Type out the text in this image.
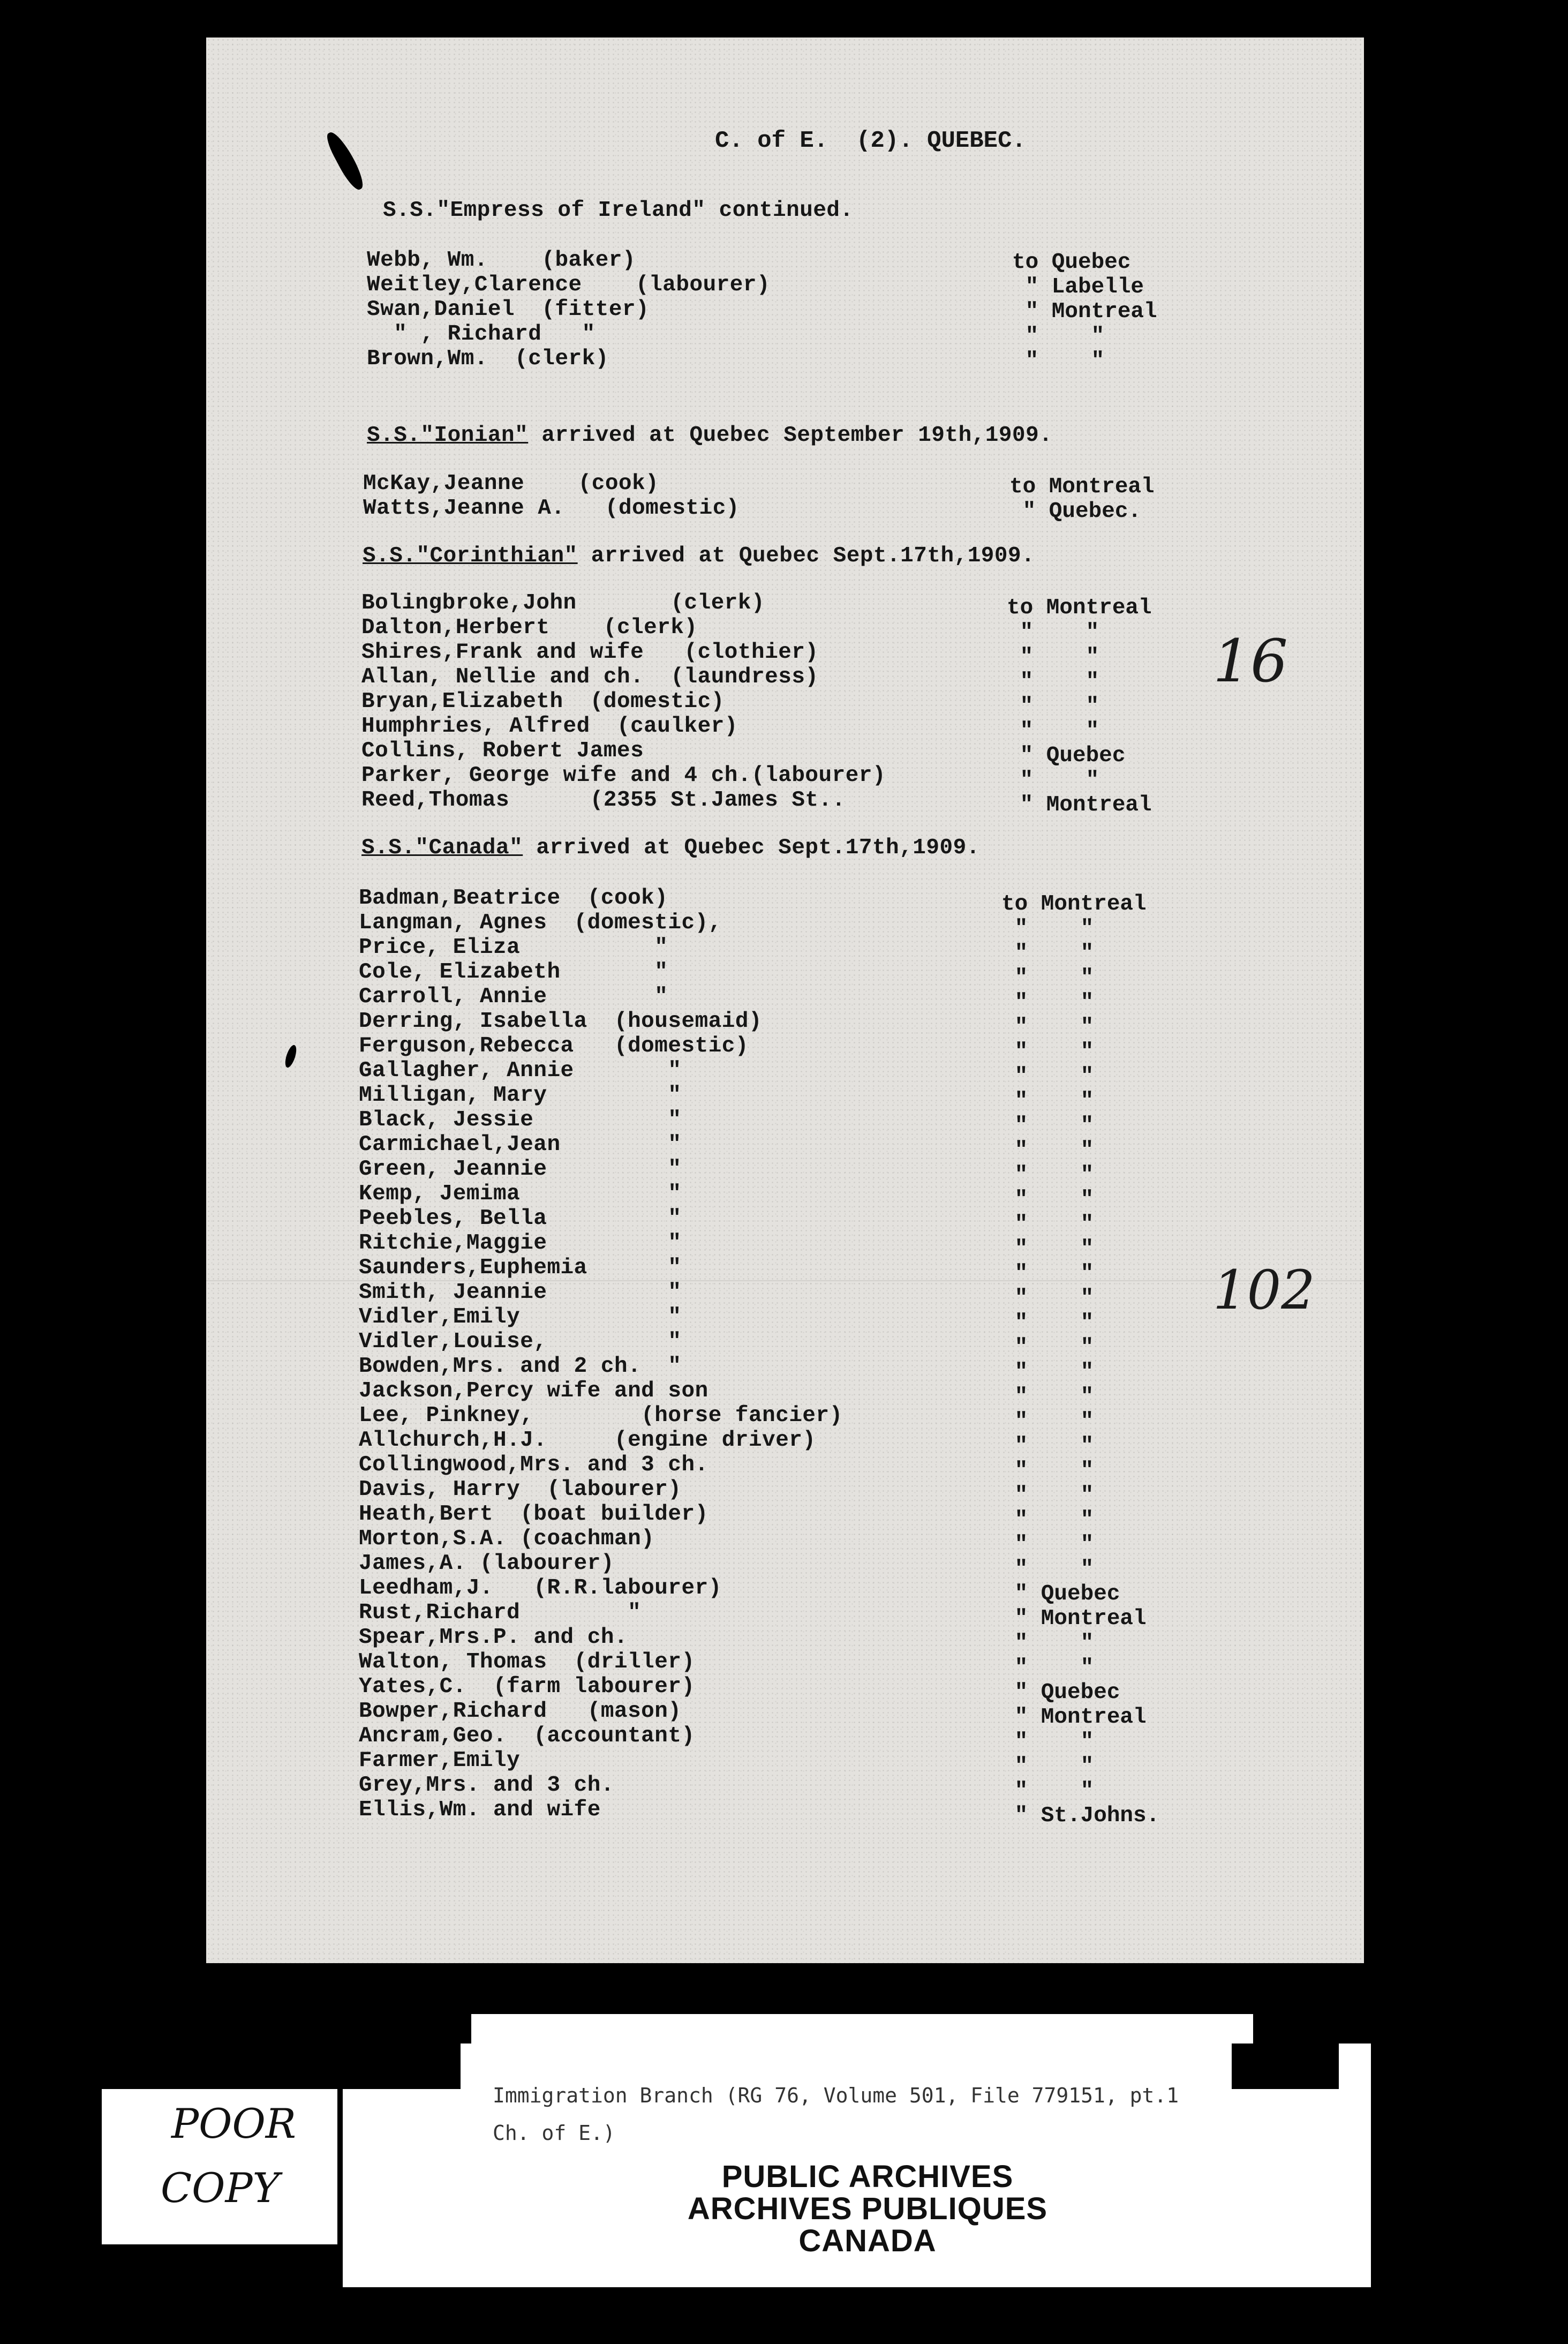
C. of E.  (2). QUEBEC.
S.S."Empress of Ireland" continued.
Webb, Wm.    (baker)
Weitley,Clarence    (labourer)
Swan,Daniel  (fitter)
" , Richard   "
Brown,Wm.  (clerk)
to Quebec
" Labelle
" Montreal
"    "
"    "
S.S."Ionian" arrived at Quebec September 19th,1909.
McKay,Jeanne    (cook)
Watts,Jeanne A.   (domestic)
to Montreal
" Quebec.
S.S."Corinthian" arrived at Quebec Sept.17th,1909.
Bolingbroke,John       (clerk)
Dalton,Herbert    (clerk)
Shires,Frank and wife   (clothier)
Allan, Nellie and ch.  (laundress)
Bryan,Elizabeth  (domestic)
Humphries, Alfred  (caulker)
Collins, Robert James
Parker, George wife and 4 ch.(labourer)
Reed,Thomas      (2355 St.James St..
to Montreal
"    "
"    "
"    "
"    "
"    "
" Quebec
"    "
" Montreal
S.S."Canada" arrived at Quebec Sept.17th,1909.
Badman,Beatrice  (cook)
Langman, Agnes  (domestic),
Price, Eliza          "
Cole, Elizabeth       "
Carroll, Annie        "
Derring, Isabella  (housemaid)
Ferguson,Rebecca   (domestic)
Gallagher, Annie       "
Milligan, Mary         "
Black, Jessie          "
Carmichael,Jean        "
Green, Jeannie         "
Kemp, Jemima           "
Peebles, Bella         "
Ritchie,Maggie         "
Saunders,Euphemia      "
Smith, Jeannie         "
Vidler,Emily           "
Vidler,Louise,         "
Bowden,Mrs. and 2 ch.  "
Jackson,Percy wife and son
Lee, Pinkney,        (horse fancier)
Allchurch,H.J.     (engine driver)
Collingwood,Mrs. and 3 ch.
Davis, Harry  (labourer)
Heath,Bert  (boat builder)
Morton,S.A. (coachman)
James,A. (labourer)
Leedham,J.   (R.R.labourer)
Rust,Richard        "
Spear,Mrs.P. and ch.
Walton, Thomas  (driller)
Yates,C.  (farm labourer)
Bowper,Richard   (mason)
Ancram,Geo.  (accountant)
Farmer,Emily
Grey,Mrs. and 3 ch.
Ellis,Wm. and wife
to Montreal
"    "
"    "
"    "
"    "
"    "
"    "
"    "
"    "
"    "
"    "
"    "
"    "
"    "
"    "
"    "
"    "
"    "
"    "
"    "
"    "
"    "
"    "
"    "
"    "
"    "
"    "
"    "
" Quebec
" Montreal
"    "
"    "
" Quebec
" Montreal
"    "
"    "
"    "
" St.Johns.
16
102
POOR
COPY
Immigration Branch (RG 76, Volume 501, File 779151, pt.1
Ch. of E.)
PUBLIC ARCHIVES
ARCHIVES PUBLIQUES
CANADA
